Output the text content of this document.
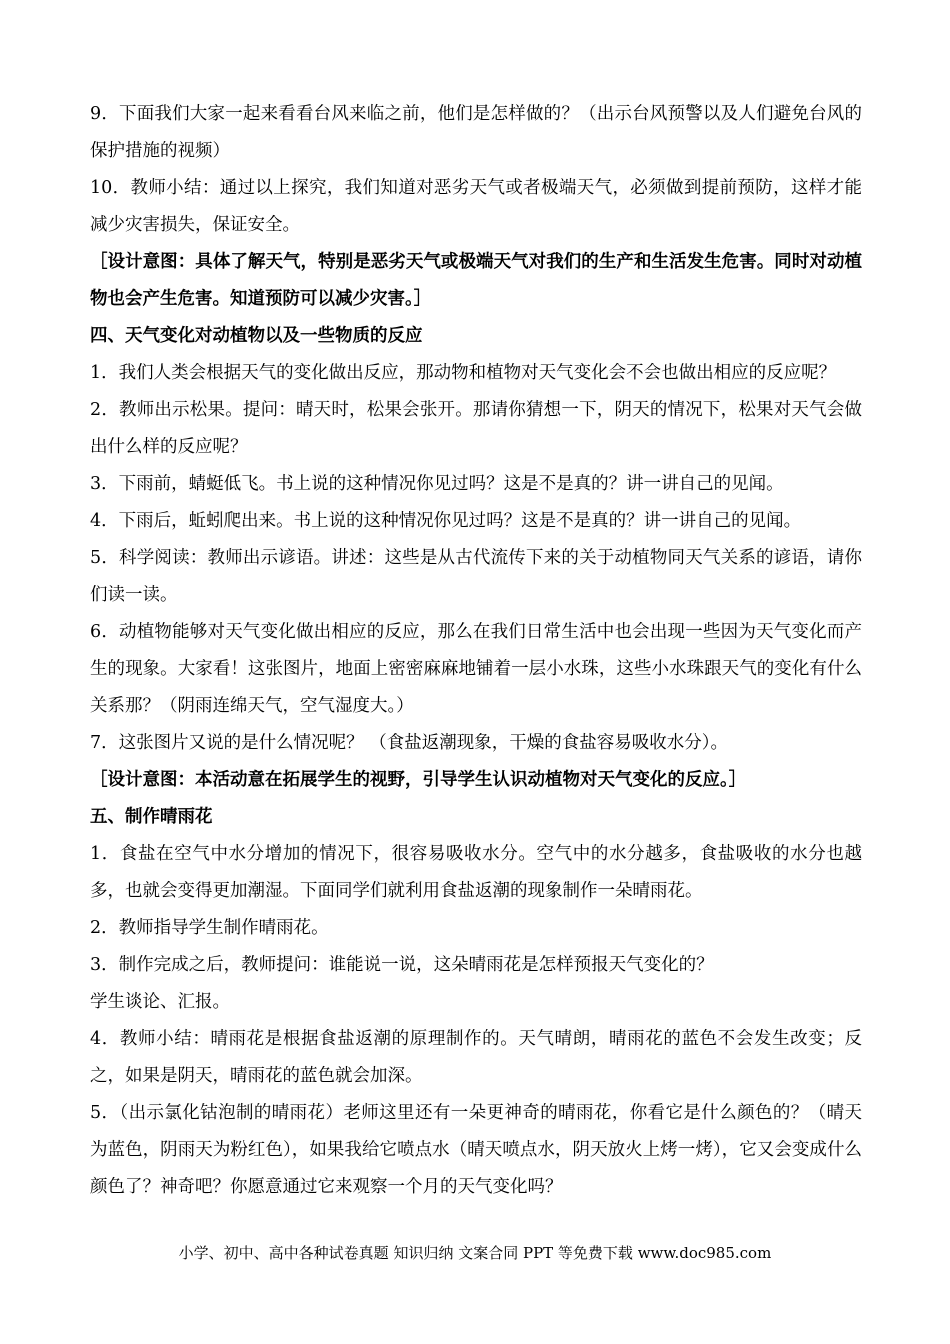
9．下面我们大家一起来看看台风来临之前，他们是怎样做的？（出示台风预警以及人们避免台风的保护措施的视频）

10．教师小结：通过以上探究，我们知道对恶劣天气或者极端天气，必须做到提前预防，这样才能减少灾害损失，保证安全。

［设计意图：具体了解天气，特别是恶劣天气或极端天气对我们的生产和生活发生危害。同时对动植物也会产生危害。知道预防可以减少灾害。］

四、天气变化对动植物以及一些物质的反应

1．我们人类会根据天气的变化做出反应，那动物和植物对天气变化会不会也做出相应的反应呢？

2．教师出示松果。提问：晴天时，松果会张开。那请你猜想一下，阴天的情况下，松果对天气会做出什么样的反应呢？

3．下雨前，蜻蜓低飞。书上说的这种情况你见过吗？这是不是真的？讲一讲自己的见闻。

4．下雨后，蚯蚓爬出来。书上说的这种情况你见过吗？这是不是真的？讲一讲自己的见闻。

5．科学阅读：教师出示谚语。讲述：这些是从古代流传下来的关于动植物同天气关系的谚语，请你们读一读。

6．动植物能够对天气变化做出相应的反应，那么在我们日常生活中也会出现一些因为天气变化而产生的现象。大家看！这张图片，地面上密密麻麻地铺着一层小水珠，这些小水珠跟天气的变化有什么关系那？（阴雨连绵天气，空气湿度大。）

7．这张图片又说的是什么情况呢？ （食盐返潮现象，干燥的食盐容易吸收水分）。

［设计意图：本活动意在拓展学生的视野，引导学生认识动植物对天气变化的反应。］

五、制作晴雨花

1．食盐在空气中水分增加的情况下，很容易吸收水分。空气中的水分越多，食盐吸收的水分也越多，也就会变得更加潮湿。下面同学们就利用食盐返潮的现象制作一朵晴雨花。

2．教师指导学生制作晴雨花。

3．制作完成之后，教师提问：谁能说一说，这朵晴雨花是怎样预报天气变化的？

学生谈论、汇报。

4．教师小结：晴雨花是根据食盐返潮的原理制作的。天气晴朗，晴雨花的蓝色不会发生改变；反之，如果是阴天，晴雨花的蓝色就会加深。

5．（出示氯化钴泡制的晴雨花）老师这里还有一朵更神奇的晴雨花，你看它是什么颜色的？（晴天为蓝色，阴雨天为粉红色），如果我给它喷点水（晴天喷点水，阴天放火上烤一烤），它又会变成什么颜色了？神奇吧？你愿意通过它来观察一个月的天气变化吗？

小学、初中、高中各种试卷真题 知识归纳 文案合同 PPT 等免费下载 www.doc985.com
